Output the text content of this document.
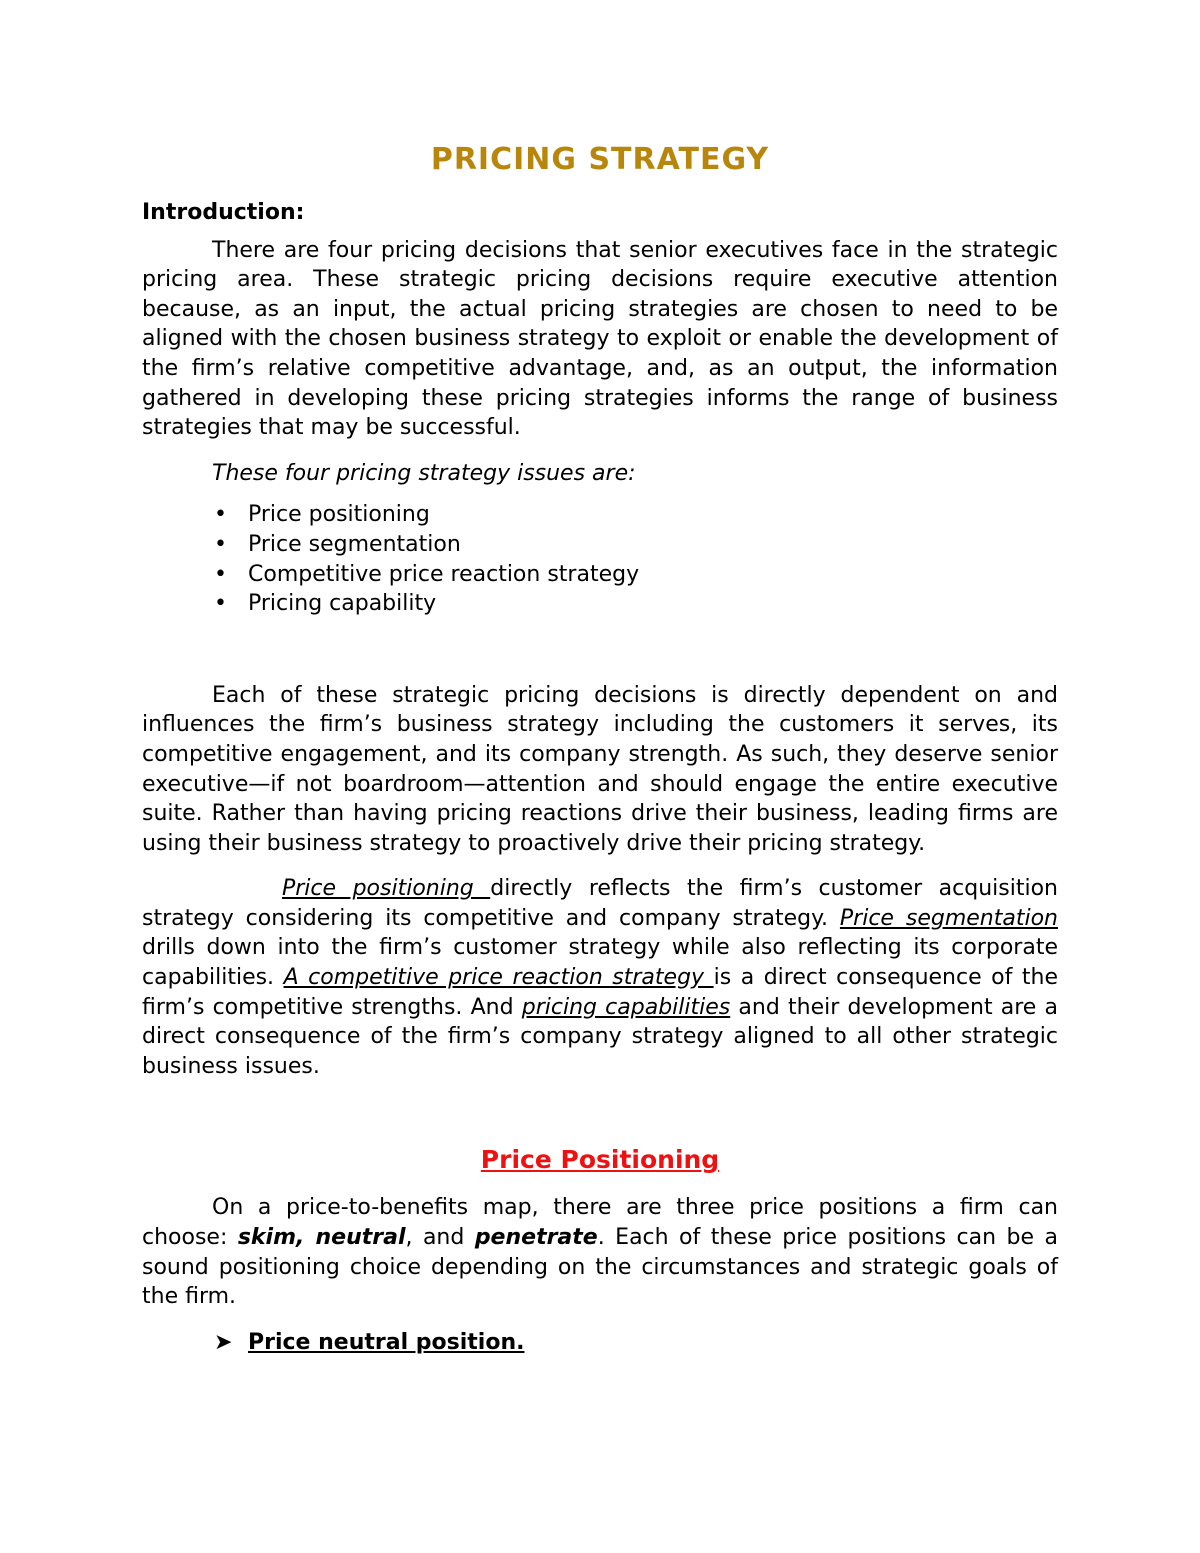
PRICING STRATEGY

Introduction:

There are four pricing decisions that senior executives face in the strategic pricing area. These strategic pricing decisions require executive attention because, as an input, the actual pricing strategies are chosen to need to be aligned with the chosen business strategy to exploit or enable the development of the firm’s relative competitive advantage, and, as an output, the information gathered in developing these pricing strategies informs the range of business strategies that may be successful.

These four pricing strategy issues are:

• Price positioning
• Price segmentation
• Competitive price reaction strategy
• Pricing capability

Each of these strategic pricing decisions is directly dependent on and influences the firm’s business strategy including the customers it serves, its competitive engagement, and its company strength. As such, they deserve senior executive—if not boardroom—attention and should engage the entire executive suite. Rather than having pricing reactions drive their business, leading firms are using their business strategy to proactively drive their pricing strategy.

Price positioning directly reflects the firm’s customer acquisition strategy considering its competitive and company strategy. Price segmentation drills down into the firm’s customer strategy while also reflecting its corporate capabilities. A competitive price reaction strategy is a direct consequence of the firm’s competitive strengths. And pricing capabilities and their development are a direct consequence of the firm’s company strategy aligned to all other strategic business issues.

Price Positioning

On a price-to-benefits map, there are three price positions a firm can choose: skim, neutral, and penetrate. Each of these price positions can be a sound positioning choice depending on the circumstances and strategic goals of the firm.

➤ Price neutral position.
